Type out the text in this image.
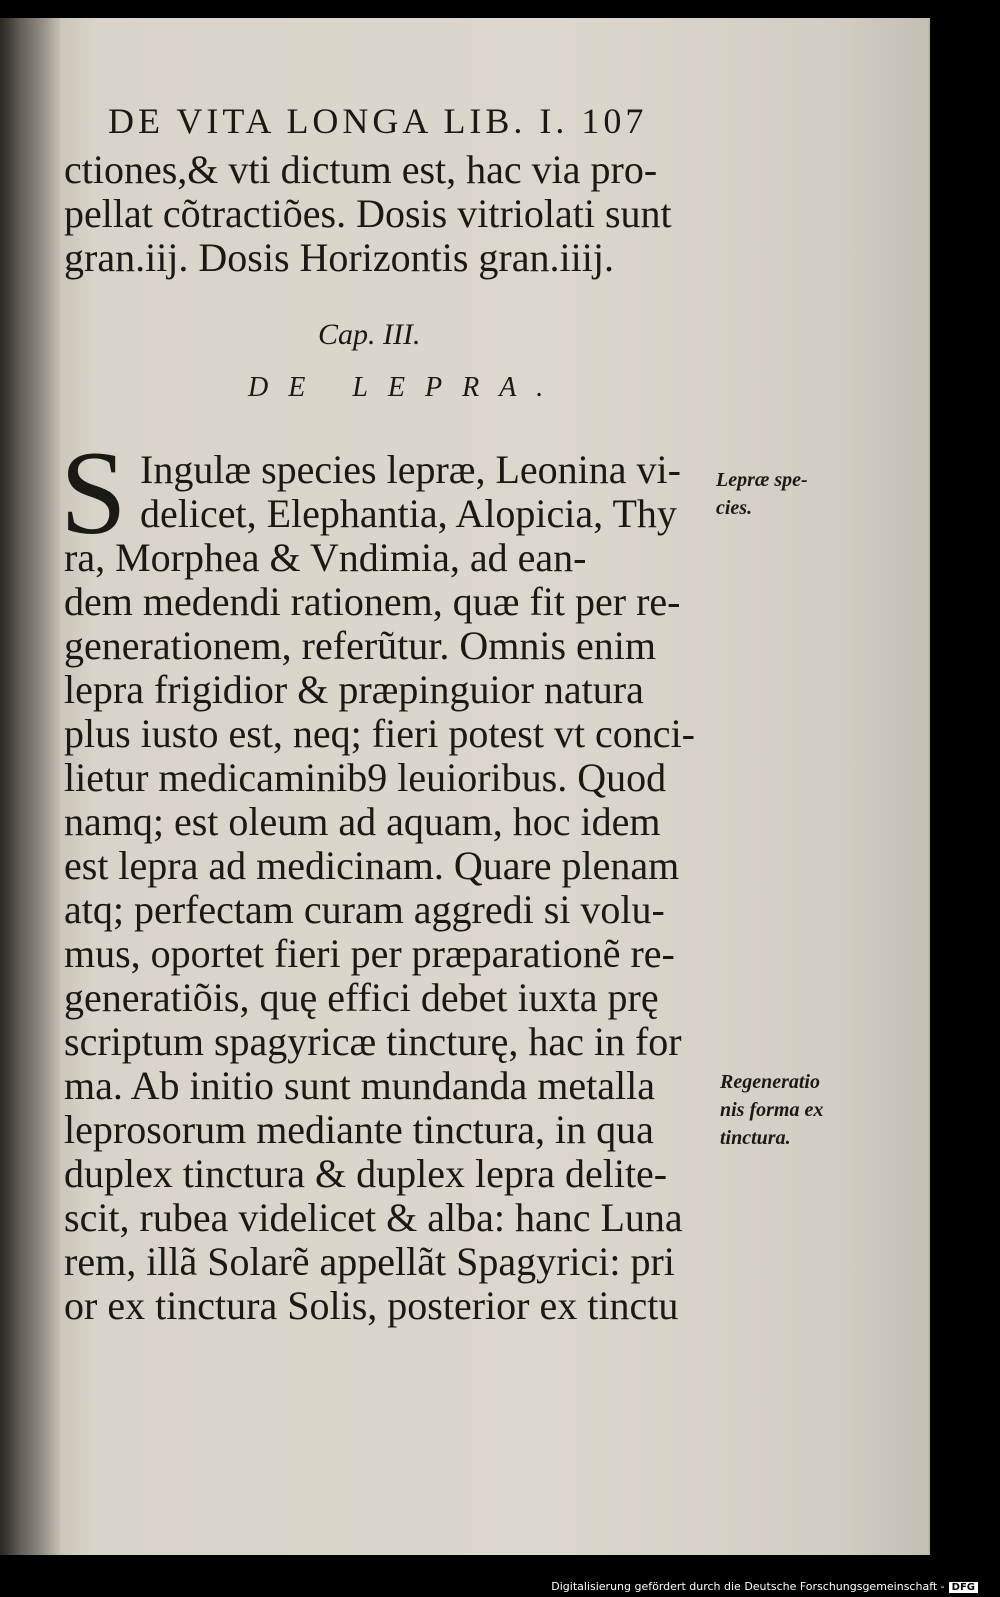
DE VITA LONGA LIB. I. 107
ctiones,& vti dictum est, hac via pro-
pellat cõtractiões. Dosis vitriolati sunt
gran.iij. Dosis Horizontis gran.iiij.
Cap. III.
DE LEPRA.
S Ingulæ species lepræ, Leonina vi-
delicet, Elephantia, Alopicia, Thy
ra, Morphea & Vndimia, ad ean-
dem medendi rationem, quæ fit per re-
generationem, referũtur. Omnis enim
lepra frigidior & præpinguior natura
plus iusto est, neq; fieri potest vt conci-
lietur medicaminib9 leuioribus. Quod
namq; est oleum ad aquam, hoc idem
est lepra ad medicinam. Quare plenam
atq; perfectam curam aggredi si volu-
mus, oportet fieri per præparationẽ re-
generatiõis, quę effici debet iuxta prę
scriptum spagyricæ tincturę, hac in for
ma. Ab initio sunt mundanda metalla
leprosorum mediante tinctura, in qua
duplex tinctura & duplex lepra delite-
scit, rubea videlicet & alba: hanc Luna
rem, illã Solarẽ appellãt Spagyrici: pri
or ex tinctura Solis, posterior ex tinctu
Lepræ spe-
cies.
Regeneratio
nis forma ex
tinctura.
Digitalisierung gefördert durch die Deutsche Forschungsgemeinschaft - DFG
